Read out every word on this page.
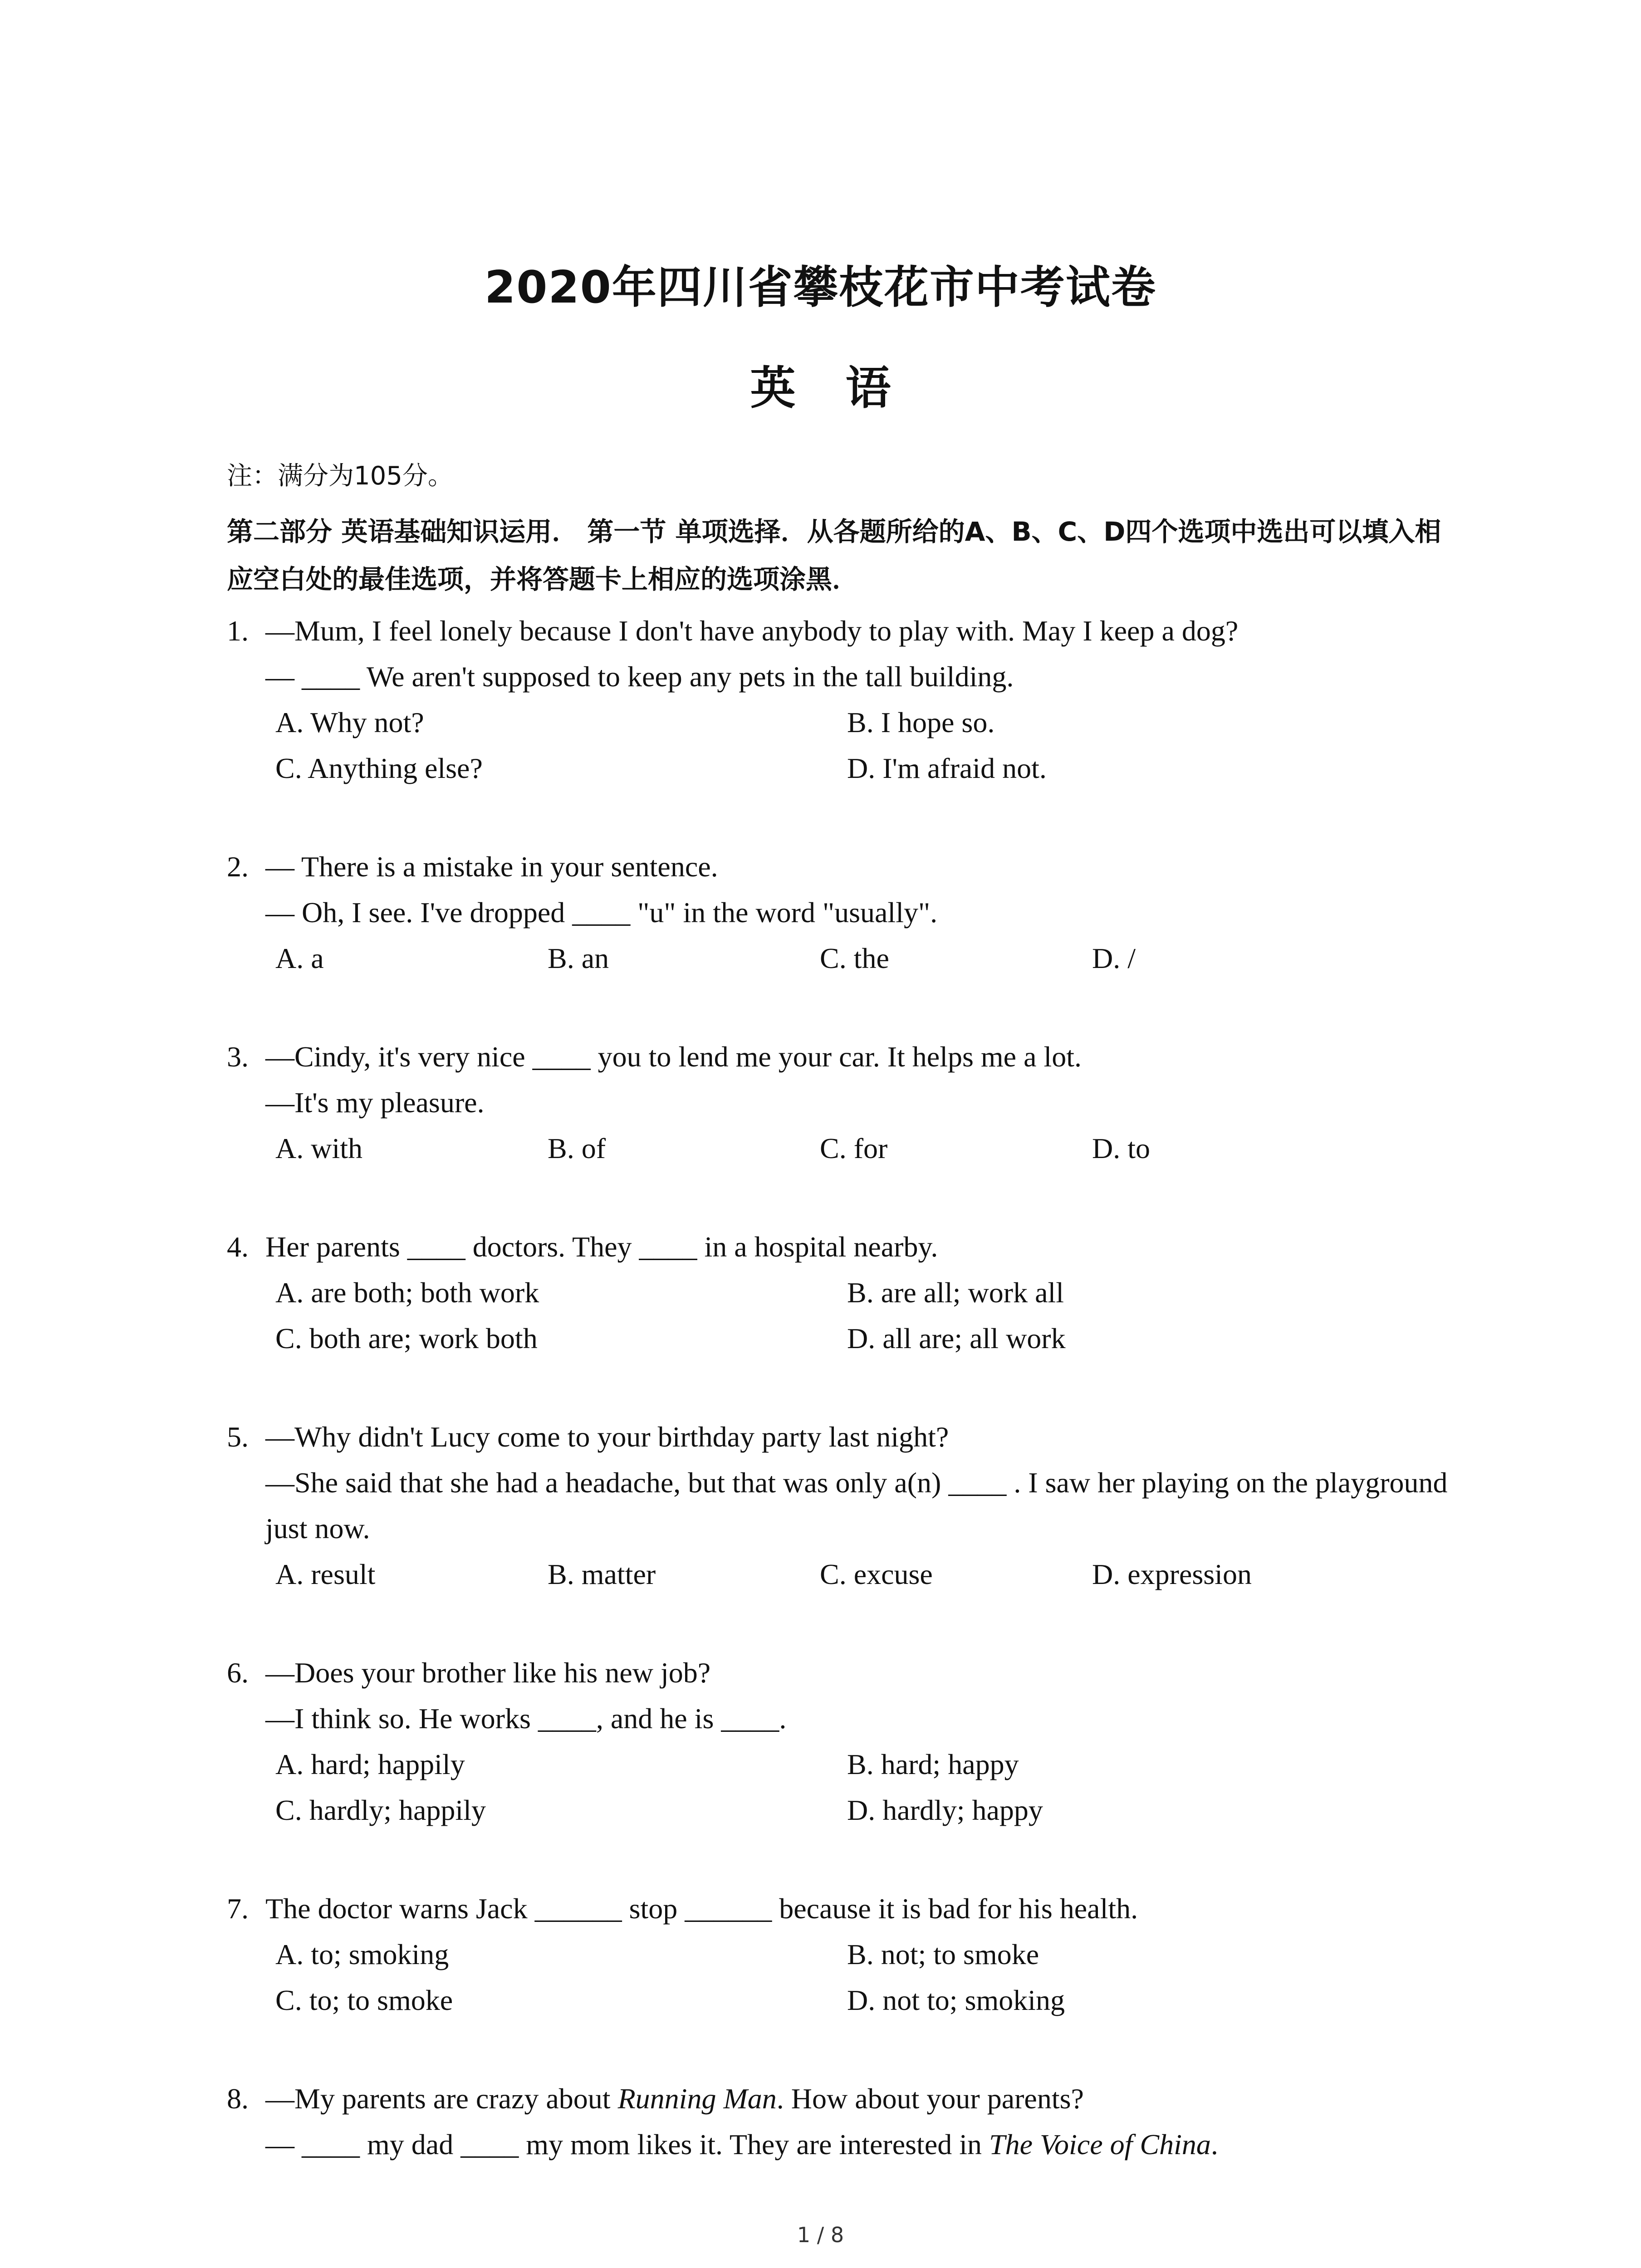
2020年四川省攀枝花市中考试卷
英语
注：满分为105分。
第二部分 英语基础知识运用． 第一节 单项选择．从各题所给的A、B、C、D四个选项中选出可以填入相应空白处的最佳选项，并将答题卡上相应的选项涂黑．
1. —Mum, I feel lonely because I don't have anybody to play with. May I keep a dog?
— ____ We aren't supposed to keep any pets in the tall building.
A. Why not?	B. I hope so.
C. Anything else?	D. I'm afraid not.
2. — There is a mistake in your sentence.
— Oh, I see. I've dropped ____ "u" in the word "usually".
A. a	B. an	C. the	D. /
3. —Cindy, it's very nice ____ you to lend me your car. It helps me a lot.
—It's my pleasure.
A. with	B. of	C. for	D. to
4. Her parents ____ doctors. They ____ in a hospital nearby.
A. are both; both work	B. are all; work all
C. both are; work both	D. all are; all work
5. —Why didn't Lucy come to your birthday party last night?
—She said that she had a headache, but that was only a(n) ____ . I saw her playing on the playground just now.
A. result	B. matter	C. excuse	D. expression
6. —Does your brother like his new job?
—I think so. He works ____, and he is ____.
A. hard; happily	B. hard; happy
C. hardly; happily	D. hardly; happy
7. The doctor warns Jack ______ stop ______ because it is bad for his health.
A. to; smoking	B. not; to smoke
C. to; to smoke	D. not to; smoking
8. —My parents are crazy about Running Man. How about your parents?
— ____ my dad ____ my mom likes it. They are interested in The Voice of China.
1 / 8
